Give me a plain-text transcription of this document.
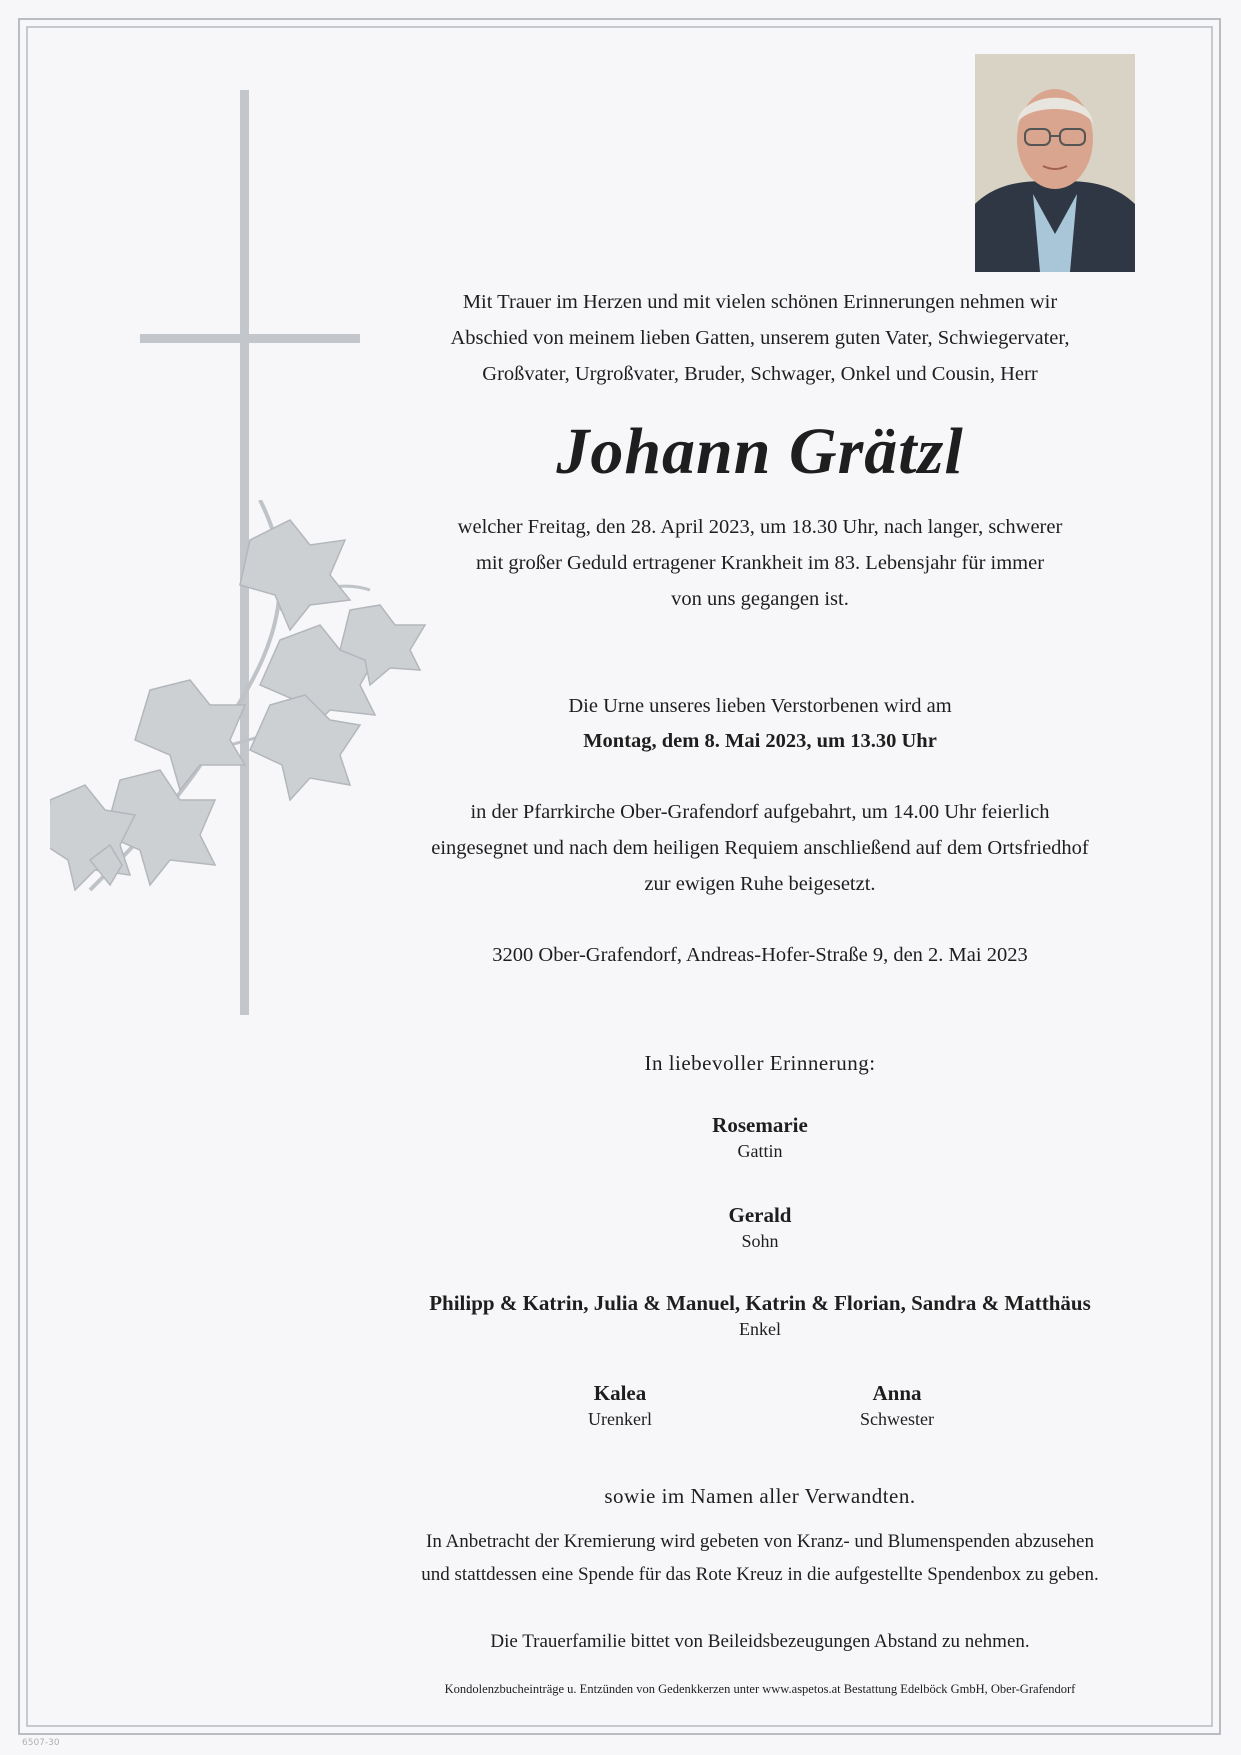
Mit Trauer im Herzen und mit vielen schönen Erinnerungen nehmen wir
Abschied von meinem lieben Gatten, unserem guten Vater, Schwiegervater,
Großvater, Urgroßvater, Bruder, Schwager, Onkel und Cousin, Herr

Johann Grätzl

welcher Freitag, den 28. April 2023, um 18.30 Uhr, nach langer, schwerer
mit großer Geduld ertragener Krankheit im 83. Lebensjahr für immer
von uns gegangen ist.

Die Urne unseres lieben Verstorbenen wird am

Montag, dem 8. Mai 2023, um 13.30 Uhr

in der Pfarrkirche Ober-Grafendorf aufgebahrt, um 14.00 Uhr feierlich
eingesegnet und nach dem heiligen Requiem anschließend auf dem Ortsfriedhof
zur ewigen Ruhe beigesetzt.

3200 Ober-Grafendorf, Andreas-Hofer-Straße 9, den 2. Mai 2023

In liebevoller Erinnerung:

Rosemarie
Gattin
Gerald
Sohn
Philipp & Katrin, Julia & Manuel, Katrin & Florian, Sandra & Matthäus
Enkel
Kalea
Urenkerl
Anna
Schwester

sowie im Namen aller Verwandten.

In Anbetracht der Kremierung wird gebeten von Kranz- und Blumenspenden abzusehen
und stattdessen eine Spende für das Rote Kreuz in die aufgestellte Spendenbox zu geben.

Die Trauerfamilie bittet von Beileidsbezeugungen Abstand zu nehmen.

Kondolenzbucheinträge u. Entzünden von Gedenkkerzen unter www.aspetos.at Bestattung Edelböck GmbH, Ober-Grafendorf

6507-30
